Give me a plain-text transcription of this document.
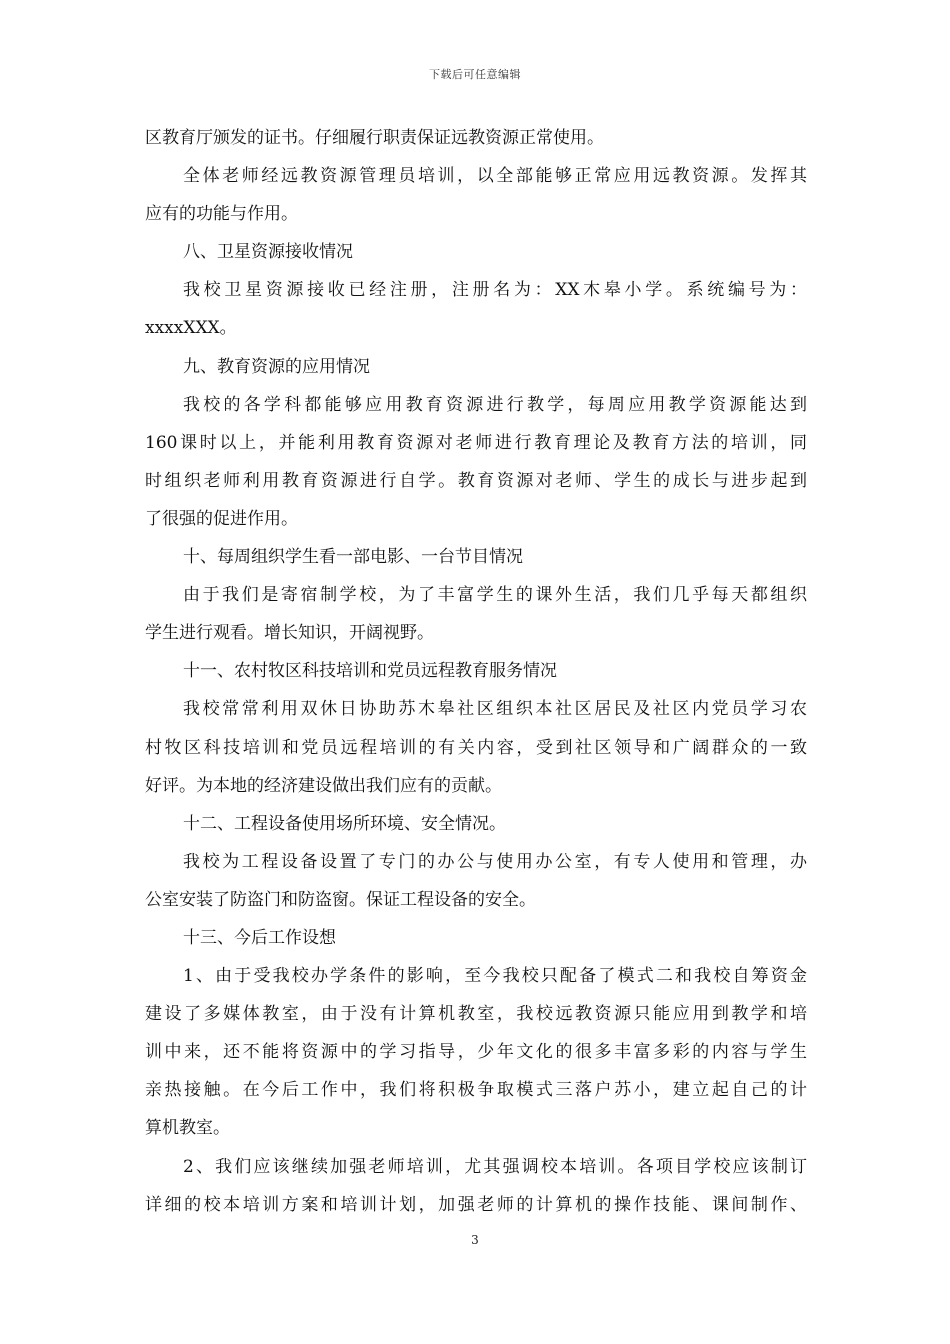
下载后可任意编辑
区教育厅颁发的证书。仔细履行职责保证远教资源正常使用。
全体老师经远教资源管理员培训，以全部能够正常应用远教资源。发挥其
应有的功能与作用。
八、卫星资源接收情况
我校卫星资源接收已经注册，注册名为：XX木皋小学。系统编号为：
xxxxXXX。
九、教育资源的应用情况
我校的各学科都能够应用教育资源进行教学，每周应用教学资源能达到
160课时以上，并能利用教育资源对老师进行教育理论及教育方法的培训，同
时组织老师利用教育资源进行自学。教育资源对老师、学生的成长与进步起到
了很强的促进作用。
十、每周组织学生看一部电影、一台节目情况
由于我们是寄宿制学校，为了丰富学生的课外生活，我们几乎每天都组织
学生进行观看。增长知识，开阔视野。
十一、农村牧区科技培训和党员远程教育服务情况
我校常常利用双休日协助苏木皋社区组织本社区居民及社区内党员学习农
村牧区科技培训和党员远程培训的有关内容，受到社区领导和广阔群众的一致
好评。为本地的经济建设做出我们应有的贡献。
十二、工程设备使用场所环境、安全情况。
我校为工程设备设置了专门的办公与使用办公室，有专人使用和管理，办
公室安装了防盗门和防盗窗。保证工程设备的安全。
十三、今后工作设想
1、由于受我校办学条件的影响，至今我校只配备了模式二和我校自筹资金
建设了多媒体教室，由于没有计算机教室，我校远教资源只能应用到教学和培
训中来，还不能将资源中的学习指导，少年文化的很多丰富多彩的内容与学生
亲热接触。在今后工作中，我们将积极争取模式三落户苏小，建立起自己的计
算机教室。
2、我们应该继续加强老师培训，尤其强调校本培训。各项目学校应该制订
详细的校本培训方案和培训计划，加强老师的计算机的操作技能、课间制作、
3
